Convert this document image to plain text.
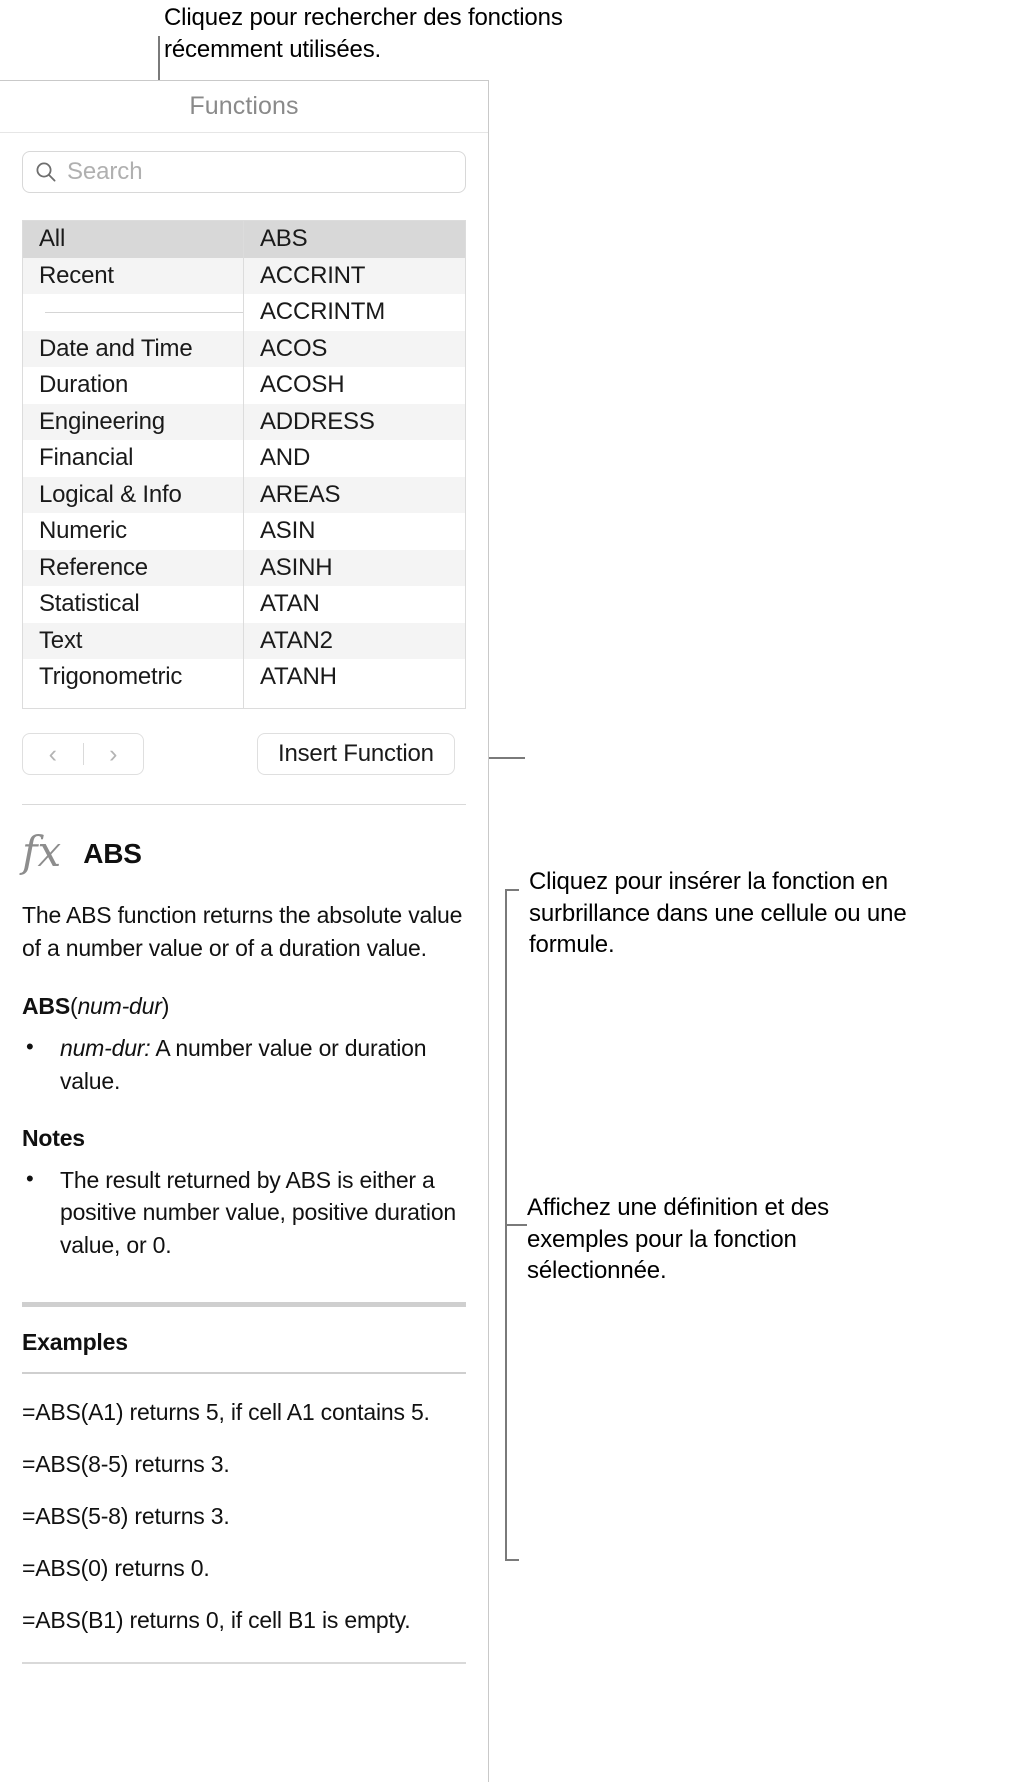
Cliquez pour rechercher des fonctions récemment utilisées.
Cliquez pour insérer la fonction en surbrillance dans une cellule ou une formule.
Affichez une définition et des exemples pour la fonction sélectionnée.
Functions
Search
All
Recent
Date and Time
Duration
Engineering
Financial
Logical & Info
Numeric
Reference
Statistical
Text
Trigonometric
ABS
ACCRINT
ACCRINTM
ACOS
ACOSH
ADDRESS
AND
AREAS
ASIN
ASINH
ATAN
ATAN2
ATANH
‹	›	Insert Function
fx ABS
The ABS function returns the absolute value of a number value or of a duration value.
ABS(num-dur)
• num-dur: A number value or duration value.
Notes
• The result returned by ABS is either a positive number value, positive duration value, or 0.
Examples
=ABS(A1) returns 5, if cell A1 contains 5.
=ABS(8-5) returns 3.
=ABS(5-8) returns 3.
=ABS(0) returns 0.
=ABS(B1) returns 0, if cell B1 is empty.
